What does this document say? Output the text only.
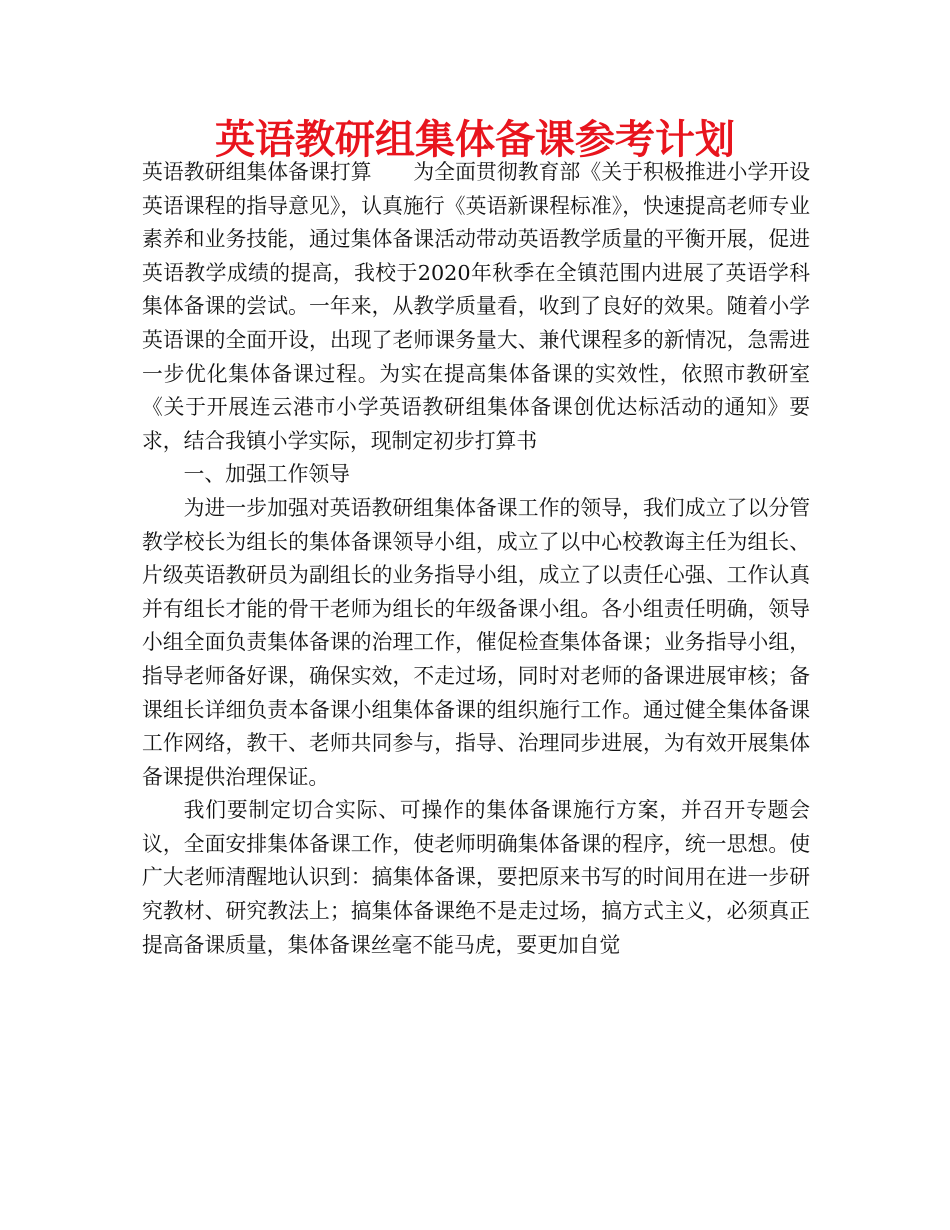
英语教研组集体备课参考计划

英语教研组集体备课打算　　为全面贯彻教育部《关于积极推进小学开设英语课程的指导意见》，认真施行《英语新课程标准》，快速提高老师专业素养和业务技能，通过集体备课活动带动英语教学质量的平衡开展，促进英语教学成绩的提高，我校于2020年秋季在全镇范围内进展了英语学科集体备课的尝试。一年来，从教学质量看，收到了良好的效果。随着小学英语课的全面开设，出现了老师课务量大、兼代课程多的新情况，急需进一步优化集体备课过程。为实在提高集体备课的实效性，依照市教研室《关于开展连云港市小学英语教研组集体备课创优达标活动的通知》要求，结合我镇小学实际，现制定初步打算书

一、加强工作领导

为进一步加强对英语教研组集体备课工作的领导，我们成立了以分管教学校长为组长的集体备课领导小组，成立了以中心校教诲主任为组长、片级英语教研员为副组长的业务指导小组，成立了以责任心强、工作认真并有组长才能的骨干老师为组长的年级备课小组。各小组责任明确，领导小组全面负责集体备课的治理工作，催促检查集体备课；业务指导小组，指导老师备好课，确保实效，不走过场，同时对老师的备课进展审核；备课组长详细负责本备课小组集体备课的组织施行工作。通过健全集体备课工作网络，教干、老师共同参与，指导、治理同步进展，为有效开展集体备课提供治理保证。

我们要制定切合实际、可操作的集体备课施行方案，并召开专题会议，全面安排集体备课工作，使老师明确集体备课的程序，统一思想。使广大老师清醒地认识到：搞集体备课，要把原来书写的时间用在进一步研究教材、研究教法上；搞集体备课绝不是走过场，搞方式主义，必须真正提高备课质量，集体备课丝毫不能马虎，要更加自觉
